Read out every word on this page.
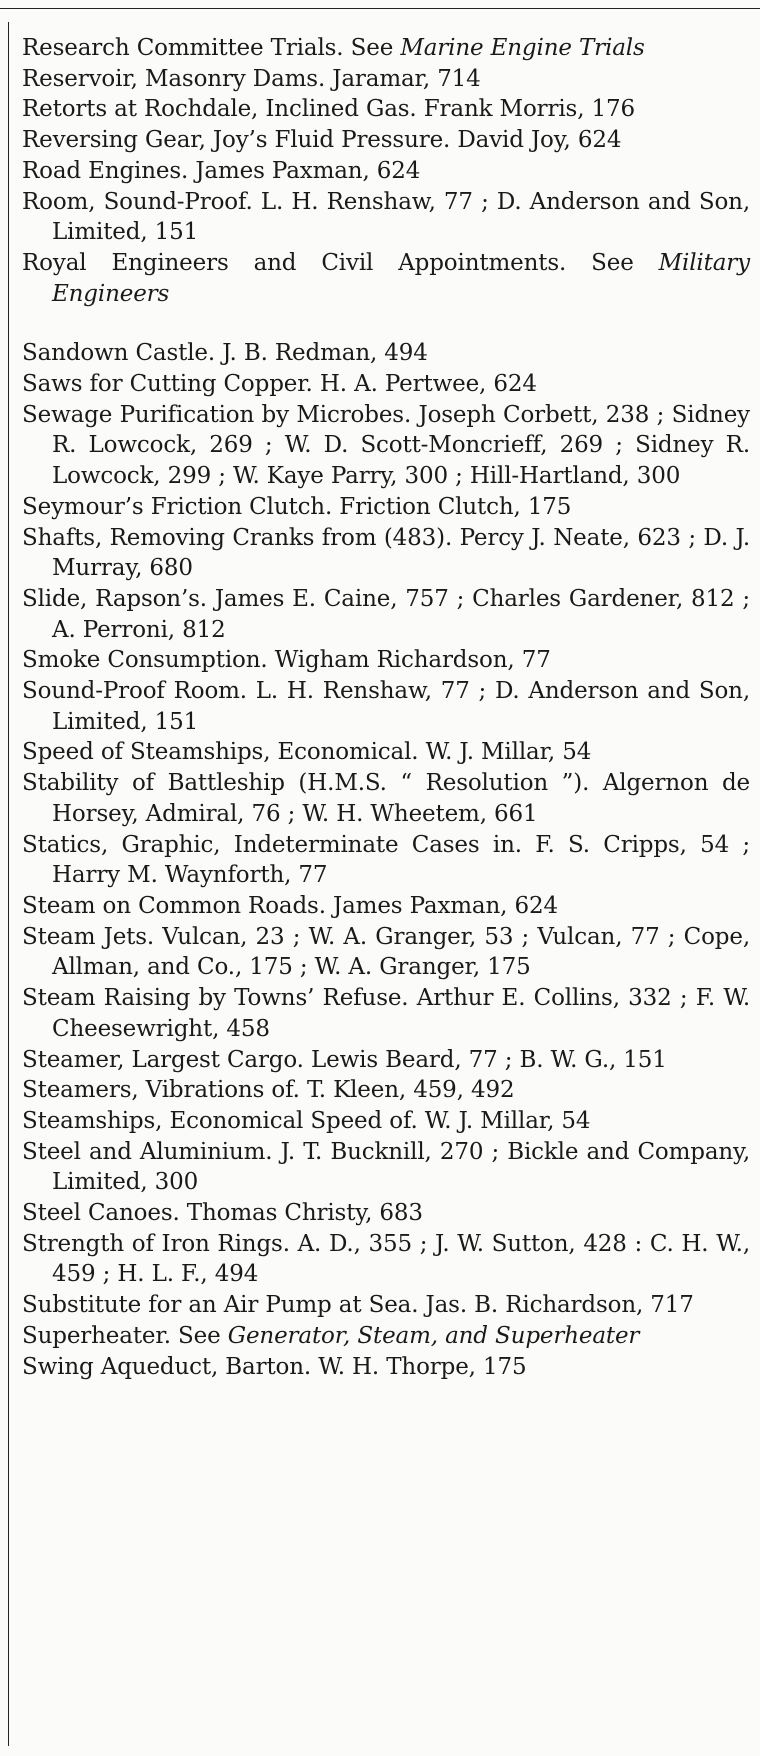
Research Committee Trials. See Marine Engine Trials

Reservoir, Masonry Dams. Jaramar, 714

Retorts at Rochdale, Inclined Gas. Frank Morris, 176

Reversing Gear, Joy’s Fluid Pressure. David Joy, 624

Road Engines. James Paxman, 624

Room, Sound-Proof. L. H. Renshaw, 77 ; D. Anderson and Son, Limited, 151

Royal Engineers and Civil Appointments. See Military Engineers

Sandown Castle. J. B. Redman, 494

Saws for Cutting Copper. H. A. Pertwee, 624

Sewage Purification by Microbes. Joseph Corbett, 238 ; Sidney R. Lowcock, 269 ; W. D. Scott-Moncrieff, 269 ; Sidney R. Lowcock, 299 ; W. Kaye Parry, 300 ; Hill-Hartland, 300

Seymour’s Friction Clutch. Friction Clutch, 175

Shafts, Removing Cranks from (483). Percy J. Neate, 623 ; D. J. Murray, 680

Slide, Rapson’s. James E. Caine, 757 ; Charles Gardener, 812 ; A. Perroni, 812

Smoke Consumption. Wigham Richardson, 77

Sound-Proof Room. L. H. Renshaw, 77 ; D. Anderson and Son, Limited, 151

Speed of Steamships, Economical. W. J. Millar, 54

Stability of Battleship (H.M.S. “ Resolution ”). Algernon de Horsey, Admiral, 76 ; W. H. Wheetem, 661

Statics, Graphic, Indeterminate Cases in. F. S. Cripps, 54 ; Harry M. Waynforth, 77

Steam on Common Roads. James Paxman, 624

Steam Jets. Vulcan, 23 ; W. A. Granger, 53 ; Vulcan, 77 ; Cope, Allman, and Co., 175 ; W. A. Granger, 175

Steam Raising by Towns’ Refuse. Arthur E. Collins, 332 ; F. W. Cheesewright, 458

Steamer, Largest Cargo. Lewis Beard, 77 ; B. W. G., 151

Steamers, Vibrations of. T. Kleen, 459, 492

Steamships, Economical Speed of. W. J. Millar, 54

Steel and Aluminium. J. T. Bucknill, 270 ; Bickle and Company, Limited, 300

Steel Canoes. Thomas Christy, 683

Strength of Iron Rings. A. D., 355 ; J. W. Sutton, 428 : C. H. W., 459 ; H. L. F., 494

Substitute for an Air Pump at Sea. Jas. B. Richardson, 717

Superheater. See Generator, Steam, and Superheater

Swing Aqueduct, Barton. W. H. Thorpe, 175
